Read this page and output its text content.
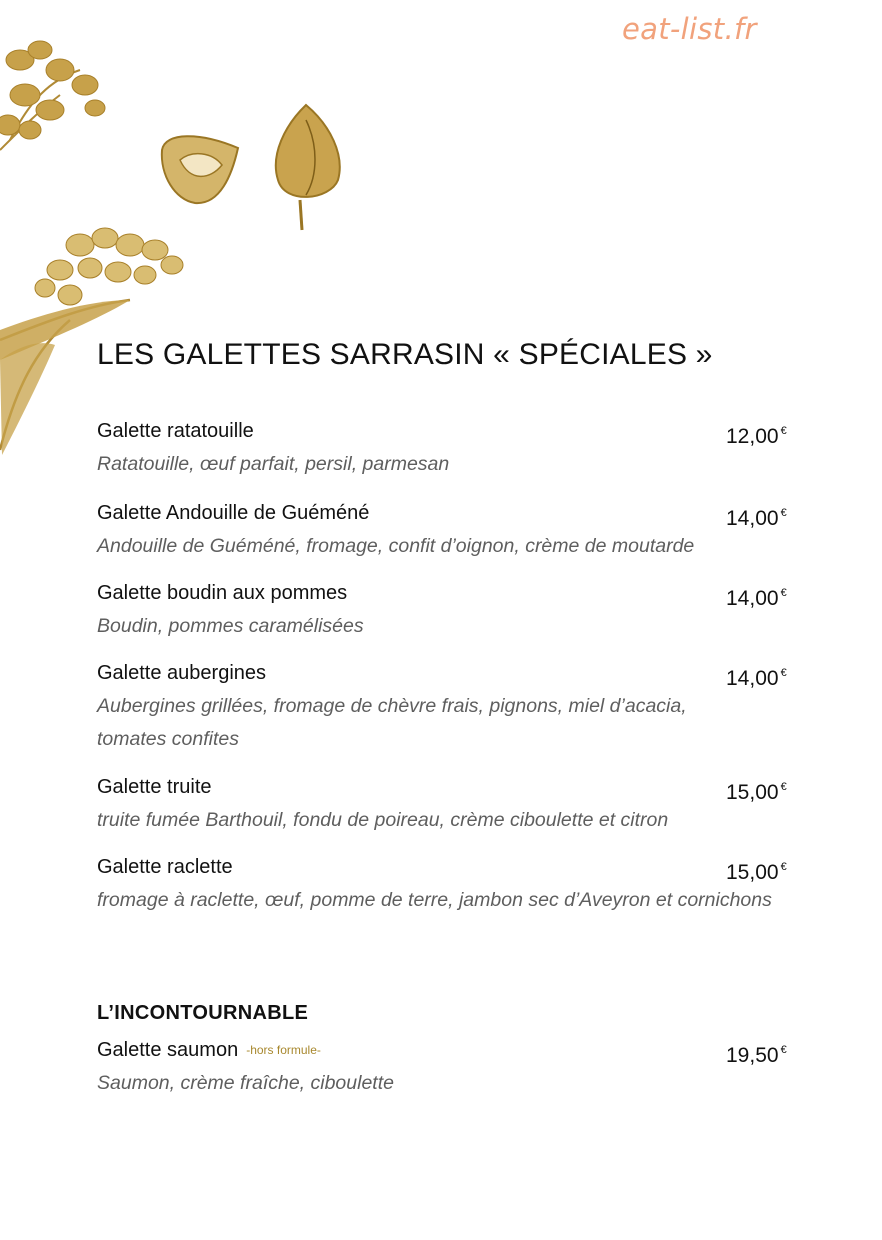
eat-list.fr
LES GALETTES SARRASIN « SPÉCIALES »
Galette ratatouille	12,00 €
Ratatouille, œuf parfait, persil, parmesan
Galette Andouille de Guéméné	14,00 €
Andouille de Guéméné, fromage, confit d’oignon, crème de moutarde
Galette boudin aux pommes	14,00 €
Boudin, pommes caramélisées
Galette aubergines	14,00 €
Aubergines grillées, fromage de chèvre frais, pignons, miel d’acacia,
tomates confites
Galette truite	15,00 €
truite fumée Barthouil, fondu de poireau, crème ciboulette et citron
Galette raclette	15,00 €
fromage à raclette, œuf, pomme de terre, jambon sec d’Aveyron et cornichons
L’INCONTOURNABLE
Galette saumon -hors formule-	19,50 €
Saumon, crème fraîche, ciboulette
